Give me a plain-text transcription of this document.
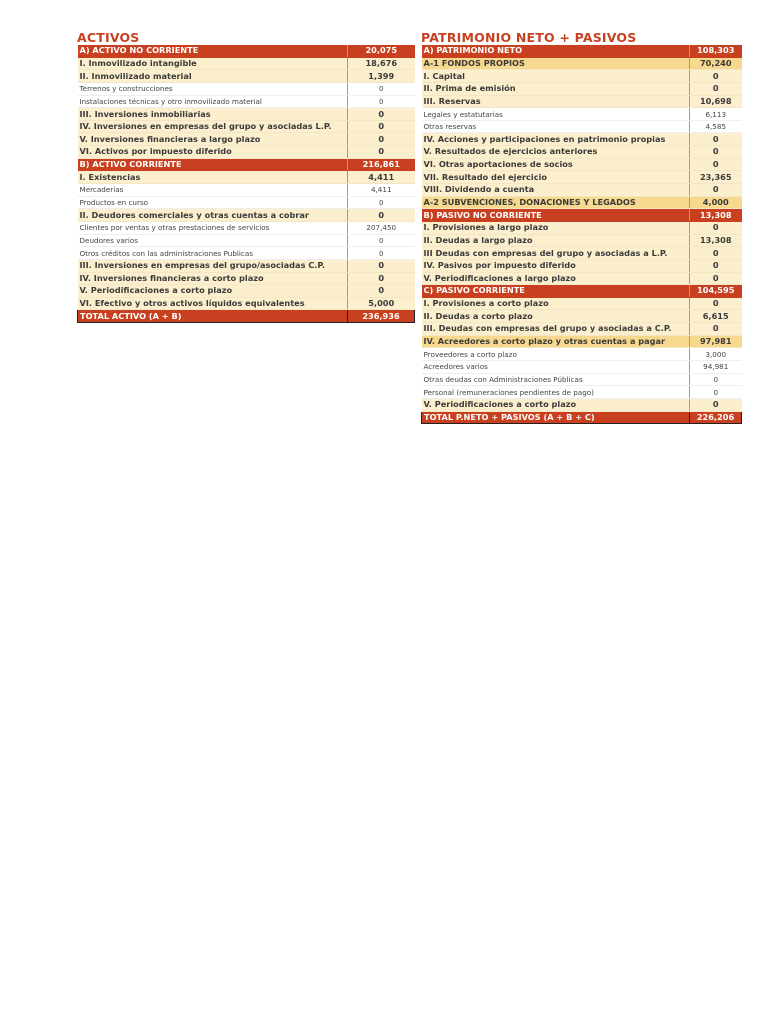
ACTIVOS
A) ACTIVO NO CORRIENTE	20,075
I. Inmovilizado intangible	18,676
II. Inmovilizado material	1,399
Terrenos y construcciones	0
Instalaciones técnicas y otro inmovilizado material	0
III. Inversiones inmobiliarias	0
IV. Inversiones en empresas del grupo y asociadas L.P.	0
V. Inversiones financieras a largo plazo	0
VI. Activos por impuesto diferido	0
B) ACTIVO CORRIENTE	216,861
I. Existencias	4,411
Mercaderías	4,411
Productos en curso	0
II. Deudores comerciales y otras cuentas a cobrar	0
Clientes por ventas y otras prestaciones de servicios	207,450
Deudores varios	0
Otros créditos con las administraciones Publicas	0
III. Inversiones en empresas del grupo/asociadas C.P.	0
IV. Inversiones financieras a corto plazo	0
V. Periodificaciones a corto plazo	0
VI. Efectivo y otros activos líquidos equivalentes	5,000
TOTAL ACTIVO (A + B)	236,936
PATRIMONIO NETO + PASIVOS
A) PATRIMONIO NETO	108,303
A-1 FONDOS PROPIOS	70,240
I. Capital	0
II. Prima de emisión	0
III. Reservas	10,698
Legales y estatutarias	6,113
Otras reservas	4,585
IV. Acciones y participaciones en patrimonio propias	0
V. Resultados de ejercicios anteriores	0
VI. Otras aportaciones de socios	0
VII. Resultado del ejercicio	23,365
VIII. Dividendo a cuenta	0
A-2 SUBVENCIONES, DONACIONES Y LEGADOS	4,000
B) PASIVO NO CORRIENTE	13,308
I. Provisiones a largo plazo	0
II. Deudas a largo plazo	13,308
III Deudas con empresas del grupo y asociadas a L.P.	0
IV. Pasivos por impuesto diferido	0
V. Periodificaciones a largo plazo	0
C) PASIVO CORRIENTE	104,595
I. Provisiones a corto plazo	0
II. Deudas a corto plazo	6,615
III. Deudas con empresas del grupo y asociadas a C.P.	0
IV. Acreedores a corto plazo y otras cuentas a pagar	97,981
Proveedores a corto plazo	3,000
Acreedores varios	94,981
Otras deudas con Administraciones Públicas	0
Personal (remuneraciones pendientes de pago)	0
V. Periodificaciones a corto plazo	0
TOTAL P.NETO + PASIVOS (A + B + C)	226,206
